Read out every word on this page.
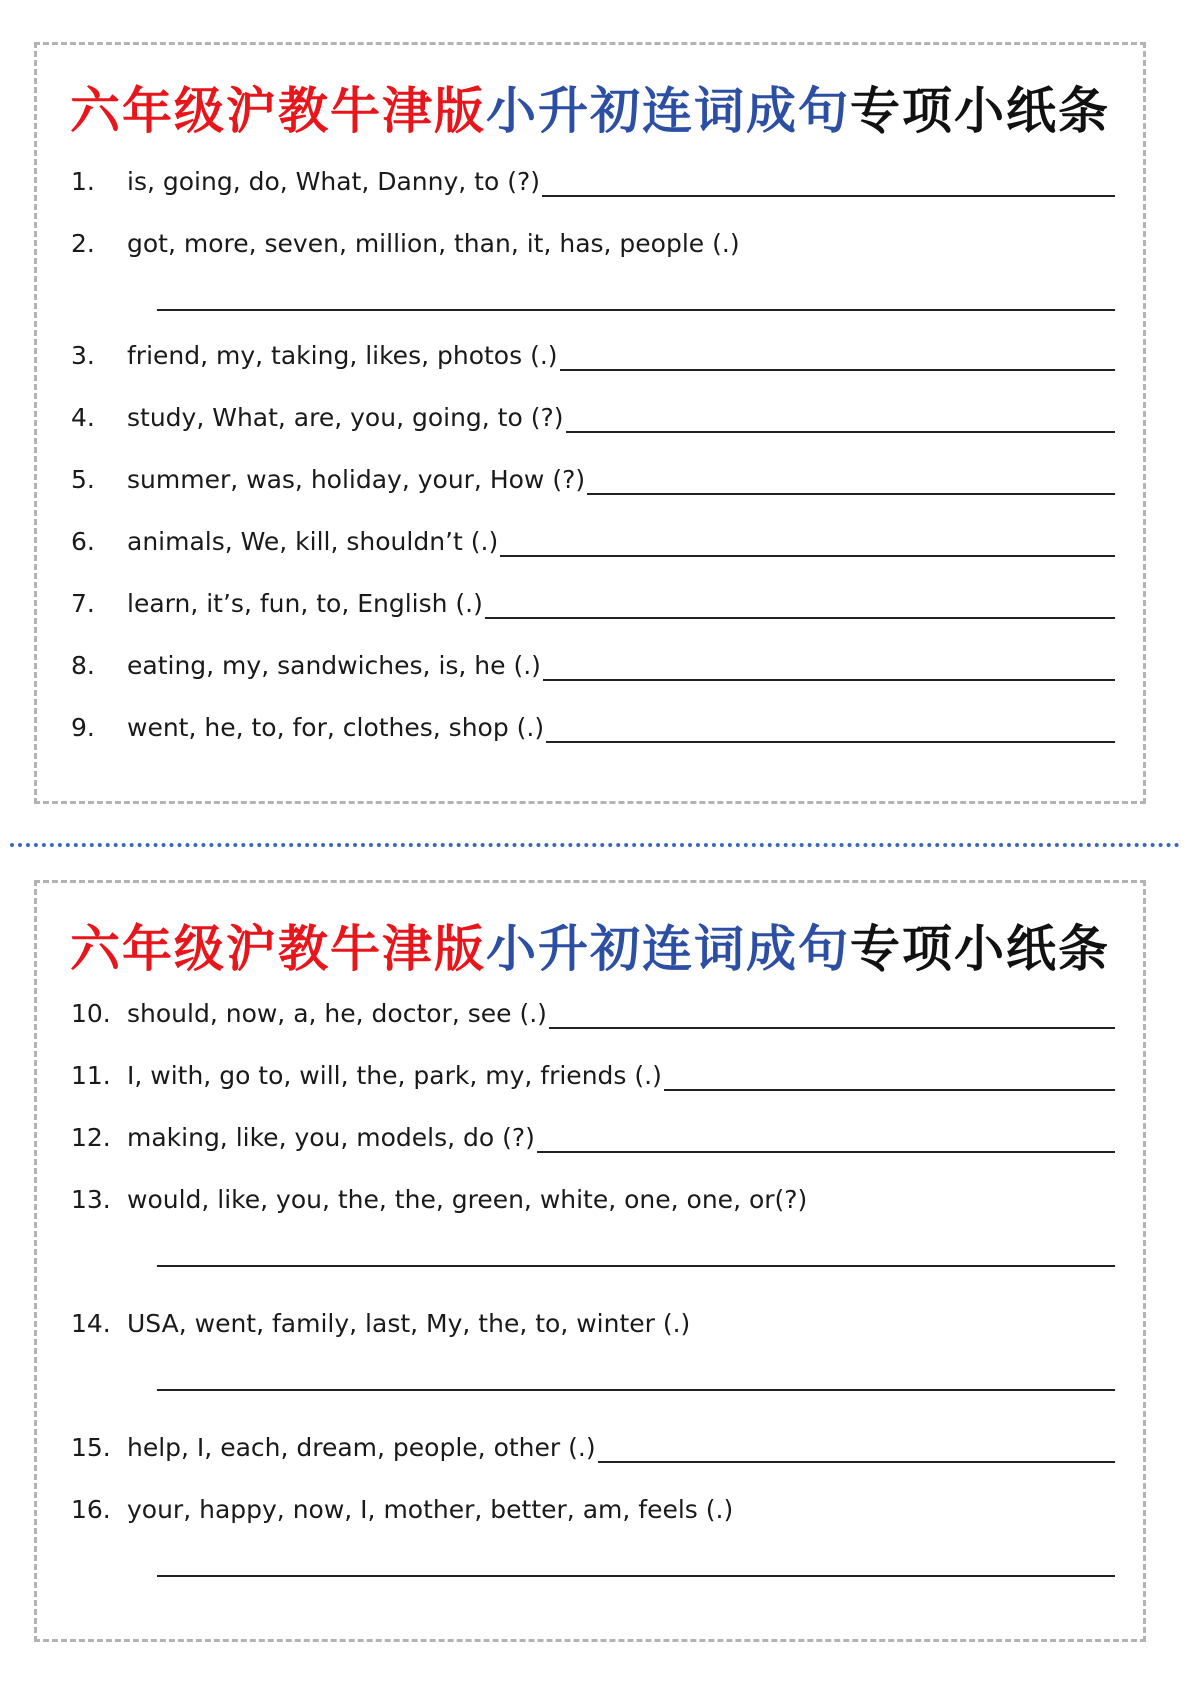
六年级沪教牛津版小升初连词成句专项小纸条
1.	is, going, do, What, Danny, to (?)
2.	got, more, seven, million, than, it, has, people (.)
3.	friend, my, taking, likes, photos (.)
4.	study, What, are, you, going, to (?)
5.	summer, was, holiday, your, How (?)
6.	animals, We, kill, shouldn’t (.)
7.	learn, it’s, fun, to, English (.)
8.	eating, my, sandwiches, is, he (.)
9.	went, he, to, for, clothes, shop (.)
六年级沪教牛津版小升初连词成句专项小纸条
10. should, now, a, he, doctor, see (.)
11. I, with, go to, will, the, park, my, friends (.)
12. making, like, you, models, do (?)
13. would, like, you, the, the, green, white, one, one, or(?)
14. USA, went, family, last, My, the, to, winter (.)
15. help, I, each, dream, people, other (.)
16. your, happy, now, I, mother, better, am, feels (.)
